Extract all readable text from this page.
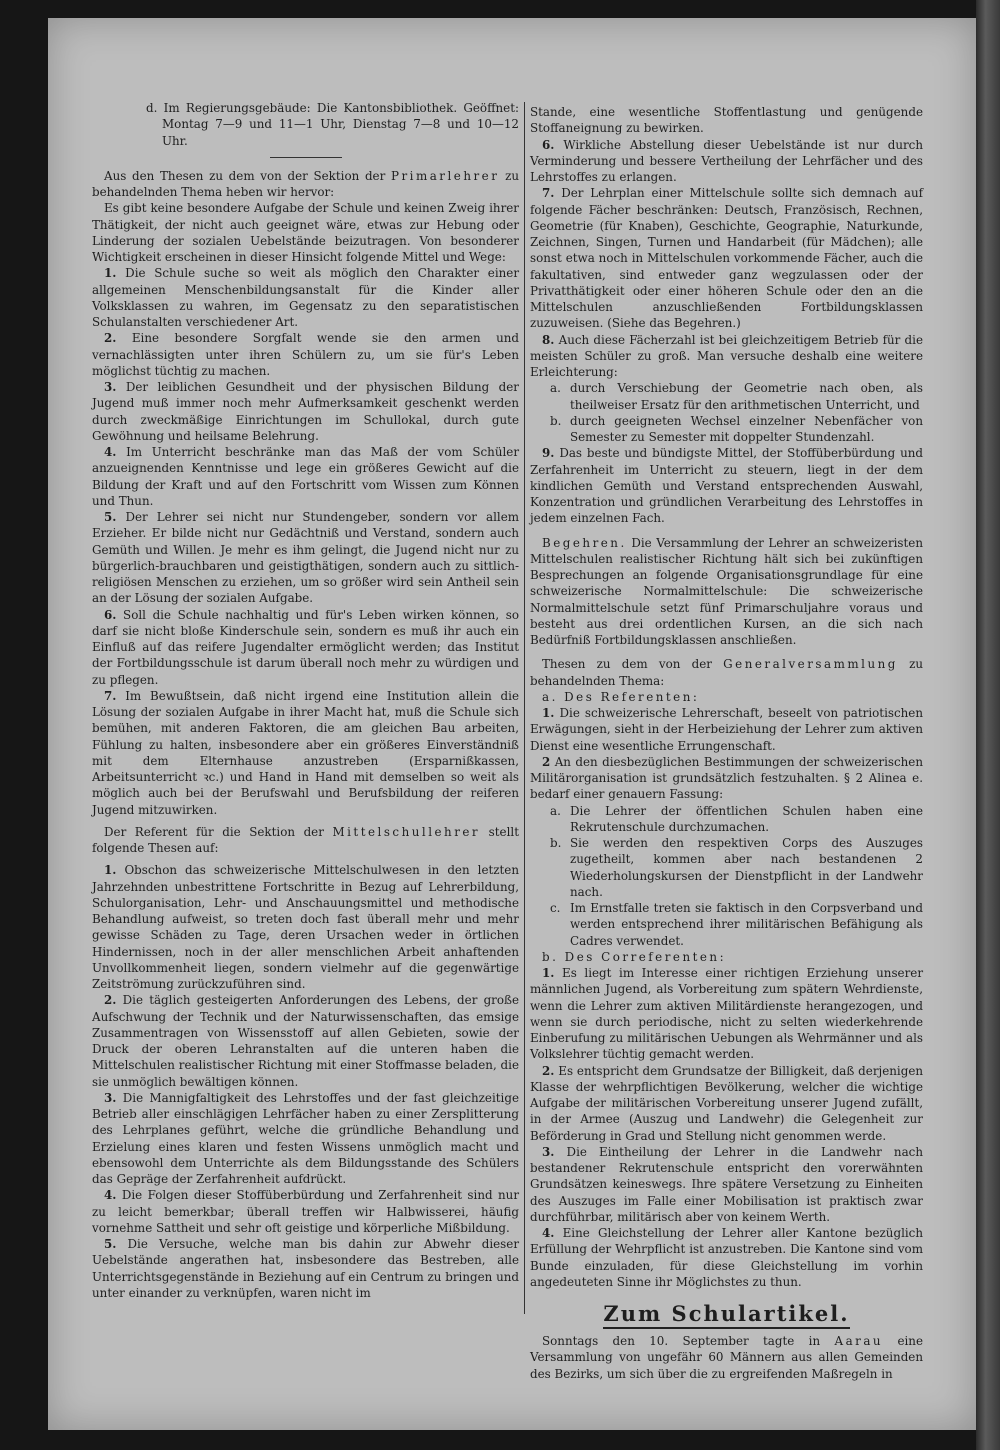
d. Im Regierungsgebäude: Die Kantonsbibliothek. Geöffnet: Montag 7—9 und 11—1 Uhr, Dienstag 7—8 und 10—12 Uhr.

Aus den Thesen zu dem von der Sektion der Primarlehrer zu behandelnden Thema heben wir hervor:

Es gibt keine besondere Aufgabe der Schule und keinen Zweig ihrer Thätigkeit, der nicht auch geeignet wäre, etwas zur Hebung oder Linderung der sozialen Uebelstände beizutragen. Von besonderer Wichtigkeit erscheinen in dieser Hinsicht folgende Mittel und Wege:

1. Die Schule suche so weit als möglich den Charakter einer allgemeinen Menschenbildungsanstalt für die Kinder aller Volksklassen zu wahren, im Gegensatz zu den separatistischen Schulanstalten verschiedener Art.

2. Eine besondere Sorgfalt wende sie den armen und vernachlässigten unter ihren Schülern zu, um sie für's Leben möglichst tüchtig zu machen.

3. Der leiblichen Gesundheit und der physischen Bildung der Jugend muß immer noch mehr Aufmerksamkeit geschenkt werden durch zweckmäßige Einrichtungen im Schullokal, durch gute Gewöhnung und heilsame Belehrung.

4. Im Unterricht beschränke man das Maß der vom Schüler anzueignenden Kenntnisse und lege ein größeres Gewicht auf die Bildung der Kraft und auf den Fortschritt vom Wissen zum Können und Thun.

5. Der Lehrer sei nicht nur Stundengeber, sondern vor allem Erzieher. Er bilde nicht nur Gedächtniß und Verstand, sondern auch Gemüth und Willen. Je mehr es ihm gelingt, die Jugend nicht nur zu bürgerlich-brauchbaren und geistigthätigen, sondern auch zu sittlich-religiösen Menschen zu erziehen, um so größer wird sein Antheil sein an der Lösung der sozialen Aufgabe.

6. Soll die Schule nachhaltig und für's Leben wirken können, so darf sie nicht bloße Kinderschule sein, sondern es muß ihr auch ein Einfluß auf das reifere Jugendalter ermöglicht werden; das Institut der Fortbildungsschule ist darum überall noch mehr zu würdigen und zu pflegen.

7. Im Bewußtsein, daß nicht irgend eine Institution allein die Lösung der sozialen Aufgabe in ihrer Macht hat, muß die Schule sich bemühen, mit anderen Faktoren, die am gleichen Bau arbeiten, Fühlung zu halten, insbesondere aber ein größeres Einverständniß mit dem Elternhause anzustreben (Ersparnißkassen, Arbeitsunterricht ꝛc.) und Hand in Hand mit demselben so weit als möglich auch bei der Berufswahl und Berufsbildung der reiferen Jugend mitzuwirken.

Der Referent für die Sektion der Mittelschullehrer stellt folgende Thesen auf:

1. Obschon das schweizerische Mittelschulwesen in den letzten Jahrzehnden unbestrittene Fortschritte in Bezug auf Lehrerbildung, Schulorganisation, Lehr- und Anschauungsmittel und methodische Behandlung aufweist, so treten doch fast überall mehr und mehr gewisse Schäden zu Tage, deren Ursachen weder in örtlichen Hindernissen, noch in der aller menschlichen Arbeit anhaftenden Unvollkommenheit liegen, sondern vielmehr auf die gegenwärtige Zeitströmung zurückzuführen sind.

2. Die täglich gesteigerten Anforderungen des Lebens, der große Aufschwung der Technik und der Naturwissenschaften, das emsige Zusammentragen von Wissensstoff auf allen Gebieten, sowie der Druck der oberen Lehranstalten auf die unteren haben die Mittelschulen realistischer Richtung mit einer Stoffmasse beladen, die sie unmöglich bewältigen können.

3. Die Mannigfaltigkeit des Lehrstoffes und der fast gleichzeitige Betrieb aller einschlägigen Lehrfächer haben zu einer Zersplitterung des Lehrplanes geführt, welche die gründliche Behandlung und Erzielung eines klaren und festen Wissens unmöglich macht und ebensowohl dem Unterrichte als dem Bildungsstande des Schülers das Gepräge der Zerfahrenheit aufdrückt.

4. Die Folgen dieser Stoffüberbürdung und Zerfahrenheit sind nur zu leicht bemerkbar; überall treffen wir Halbwisserei, häufig vornehme Sattheit und sehr oft geistige und körperliche Mißbildung.

5. Die Versuche, welche man bis dahin zur Abwehr dieser Uebelstände angerathen hat, insbesondere das Bestreben, alle Unterrichtsgegenstände in Beziehung auf ein Centrum zu bringen und unter einander zu verknüpfen, waren nicht im

Stande, eine wesentliche Stoffentlastung und genügende Stoffaneignung zu bewirken.

6. Wirkliche Abstellung dieser Uebelstände ist nur durch Verminderung und bessere Vertheilung der Lehrfächer und des Lehrstoffes zu erlangen.

7. Der Lehrplan einer Mittelschule sollte sich demnach auf folgende Fächer beschränken: Deutsch, Französisch, Rechnen, Geometrie (für Knaben), Geschichte, Geographie, Naturkunde, Zeichnen, Singen, Turnen und Handarbeit (für Mädchen); alle sonst etwa noch in Mittelschulen vorkommende Fächer, auch die fakultativen, sind entweder ganz wegzulassen oder der Privatthätigkeit oder einer höheren Schule oder den an die Mittelschulen anzuschließenden Fortbildungsklassen zuzuweisen. (Siehe das Begehren.)

8. Auch diese Fächerzahl ist bei gleichzeitigem Betrieb für die meisten Schüler zu groß. Man versuche deshalb eine weitere Erleichterung:

a. durch Verschiebung der Geometrie nach oben, als theilweiser Ersatz für den arithmetischen Unterricht, und

b. durch geeigneten Wechsel einzelner Nebenfächer von Semester zu Semester mit doppelter Stundenzahl.

9. Das beste und bündigste Mittel, der Stoffüberbürdung und Zerfahrenheit im Unterricht zu steuern, liegt in der dem kindlichen Gemüth und Verstand entsprechenden Auswahl, Konzentration und gründlichen Verarbeitung des Lehrstoffes in jedem einzelnen Fach.

Begehren. Die Versammlung der Lehrer an schweizeristen Mittelschulen realistischer Richtung hält sich bei zukünftigen Besprechungen an folgende Organisationsgrundlage für eine schweizerische Normalmittelschule: Die schweizerische Normalmittelschule setzt fünf Primarschuljahre voraus und besteht aus drei ordentlichen Kursen, an die sich nach Bedürfniß Fortbildungsklassen anschließen.

Thesen zu dem von der Generalversammlung zu behandelnden Thema:

a. Des Referenten:

1. Die schweizerische Lehrerschaft, beseelt von patriotischen Erwägungen, sieht in der Herbeiziehung der Lehrer zum aktiven Dienst eine wesentliche Errungenschaft.

2 An den diesbezüglichen Bestimmungen der schweizerischen Militärorganisation ist grundsätzlich festzuhalten. § 2 Alinea e. bedarf einer genauern Fassung:

a. Die Lehrer der öffentlichen Schulen haben eine Rekrutenschule durchzumachen.

b. Sie werden den respektiven Corps des Auszuges zugetheilt, kommen aber nach bestandenen 2 Wiederholungskursen der Dienstpflicht in der Landwehr nach.

c. Im Ernstfalle treten sie faktisch in den Corpsverband und werden entsprechend ihrer militärischen Befähigung als Cadres verwendet.

b. Des Correferenten:

1. Es liegt im Interesse einer richtigen Erziehung unserer männlichen Jugend, als Vorbereitung zum spätern Wehrdienste, wenn die Lehrer zum aktiven Militärdienste herangezogen, und wenn sie durch periodische, nicht zu selten wiederkehrende Einberufung zu militärischen Uebungen als Wehrmänner und als Volkslehrer tüchtig gemacht werden.

2. Es entspricht dem Grundsatze der Billigkeit, daß derjenigen Klasse der wehrpflichtigen Bevölkerung, welcher die wichtige Aufgabe der militärischen Vorbereitung unserer Jugend zufällt, in der Armee (Auszug und Landwehr) die Gelegenheit zur Beförderung in Grad und Stellung nicht genommen werde.

3. Die Eintheilung der Lehrer in die Landwehr nach bestandener Rekrutenschule entspricht den vorerwähnten Grundsätzen keineswegs. Ihre spätere Versetzung zu Einheiten des Auszuges im Falle einer Mobilisation ist praktisch zwar durchführbar, militärisch aber von keinem Werth.

4. Eine Gleichstellung der Lehrer aller Kantone bezüglich Erfüllung der Wehrpflicht ist anzustreben. Die Kantone sind vom Bunde einzuladen, für diese Gleichstellung im vorhin angedeuteten Sinne ihr Möglichstes zu thun.

Zum Schulartikel.

Sonntags den 10. September tagte in Aarau eine Versammlung von ungefähr 60 Männern aus allen Gemeinden des Bezirks, um sich über die zu ergreifenden Maßregeln in
